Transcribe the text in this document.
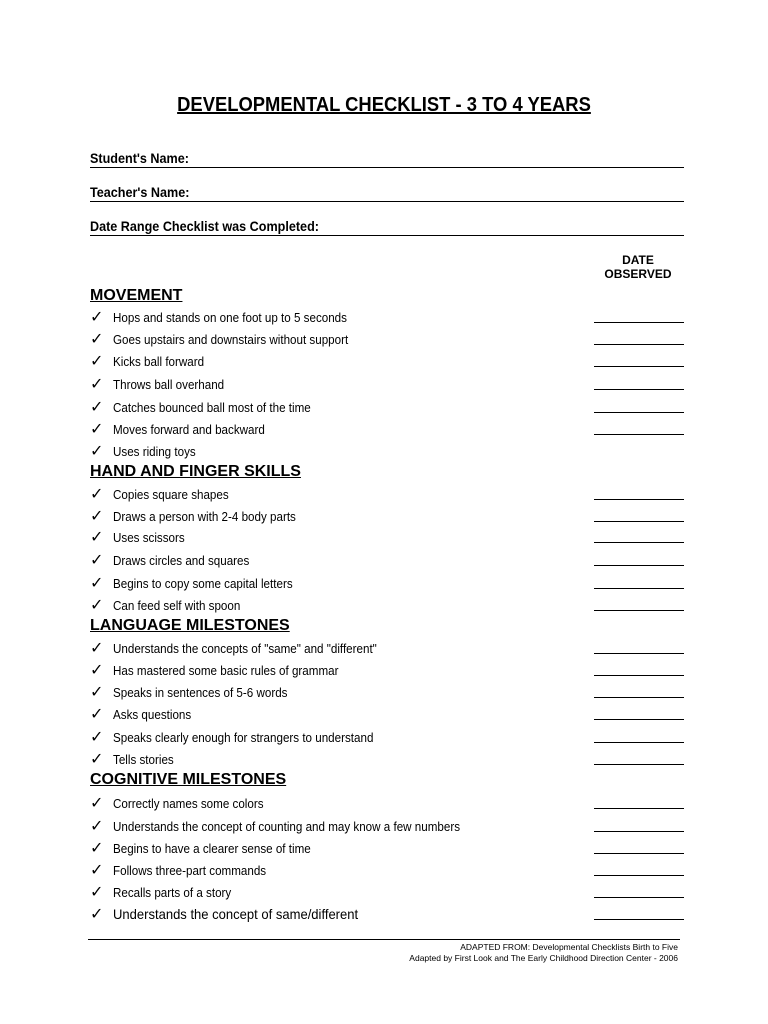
DEVELOPMENTAL CHECKLIST - 3 TO 4 YEARS
Student's Name:
Teacher's Name:
Date Range Checklist was Completed:
DATE
OBSERVED
MOVEMENT
✓ Hops and stands on one foot up to 5 seconds
✓ Goes upstairs and downstairs without support
✓ Kicks ball forward
✓ Throws ball overhand
✓ Catches bounced ball most of the time
✓ Moves forward and backward
✓ Uses riding toys
HAND AND FINGER SKILLS
✓ Copies square shapes
✓ Draws a person with 2-4 body parts
✓ Uses scissors
✓ Draws circles and squares
✓ Begins to copy some capital letters
✓ Can feed self with spoon
LANGUAGE MILESTONES
✓ Understands the concepts of "same" and "different"
✓ Has mastered some basic rules of grammar
✓ Speaks in sentences of 5-6 words
✓ Asks questions
✓ Speaks clearly enough for strangers to understand
✓ Tells stories
COGNITIVE MILESTONES
✓ Correctly names some colors
✓ Understands the concept of counting and may know a few numbers
✓ Begins to have a clearer sense of time
✓ Follows three-part commands
✓ Recalls parts of a story
✓ Understands the concept of same/different
ADAPTED FROM: Developmental Checklists Birth to Five
Adapted by First Look and The Early Childhood Direction Center - 2006
